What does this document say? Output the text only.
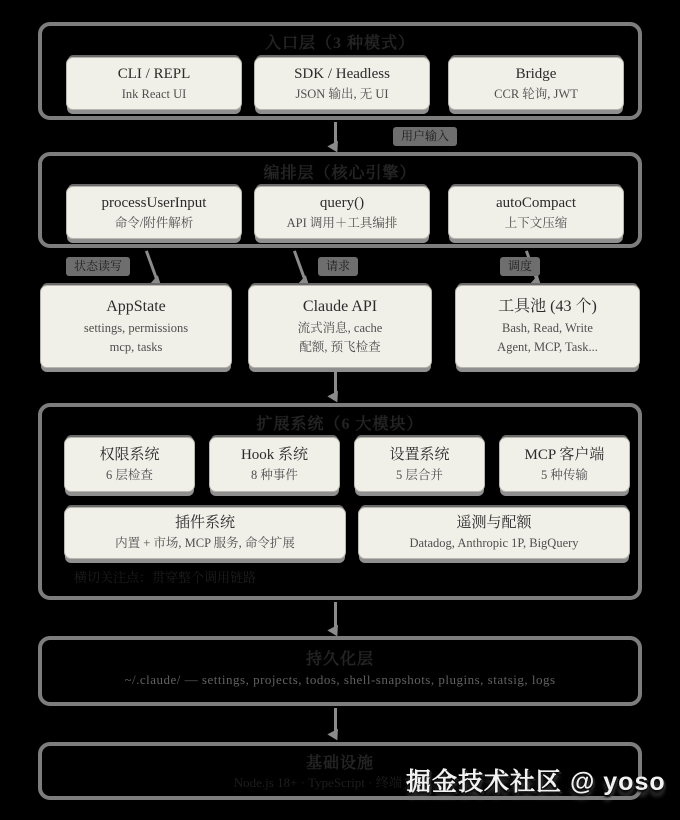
入口层（3 种模式）
CLI / REPL
Ink React UI
SDK / Headless
JSON 输出, 无 UI
Bridge
CCR 轮询, JWT
用户输入
编排层（核心引擎）
processUserInput
命令/附件解析
query()
API 调用＋工具编排
autoCompact
上下文压缩
状态读写	请求	调度
AppState
settings, permissions
mcp, tasks
Claude API
流式消息, cache
配额, 预飞检查
工具池 (43 个)
Bash, Read, Write
Agent, MCP, Task...
扩展系统（6 大模块）
权限系统
6 层检查
Hook 系统
8 种事件
设置系统
5 层合并
MCP 客户端
5 种传输
插件系统
内置 + 市场, MCP 服务, 命令扩展
遥测与配额
Datadog, Anthropic 1P, BigQuery
横切关注点：贯穿整个调用链路
持久化层
~/.claude/ — settings, projects, todos, shell-snapshots, plugins, statsig, logs
基础设施
Node.js 18+ · TypeScript · 终端 TTY
掘金技术社区 @ yoso
